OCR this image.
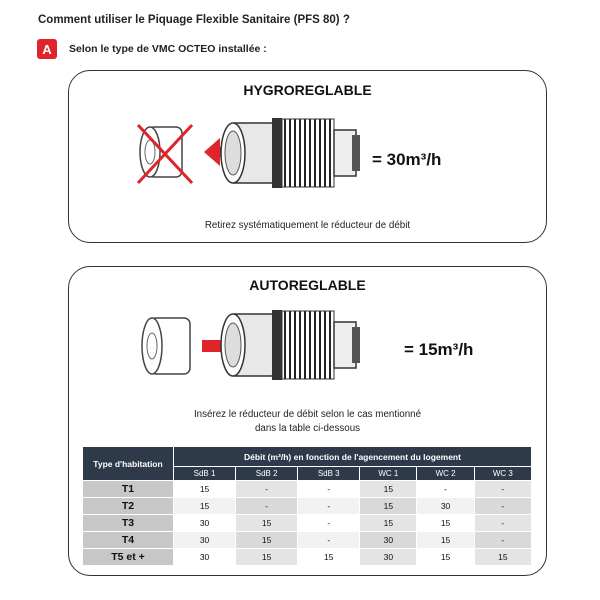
Comment utiliser le Piquage Flexible Sanitaire (PFS 80) ?
A	Selon le type de VMC OCTEO installée :
HYGROREGLABLE
= 30m³/h
Retirez systématiquement le réducteur de débit
AUTOREGLABLE
= 15m³/h
Insérez le réducteur de débit selon le cas mentionné
dans la table ci-dessous
Type d'habitation	Débit (m³/h) en fonction de l'agencement du logement					
	SdB 1	SdB 2	SdB 3	WC 1	WC 2	WC 3
T1	15	-	-	15	-	-
T2	15	-	-	15	30	-
T3	30	15	-	15	15	-
T4	30	15	-	30	15	-
T5 et +	30	15	15	30	15	15
